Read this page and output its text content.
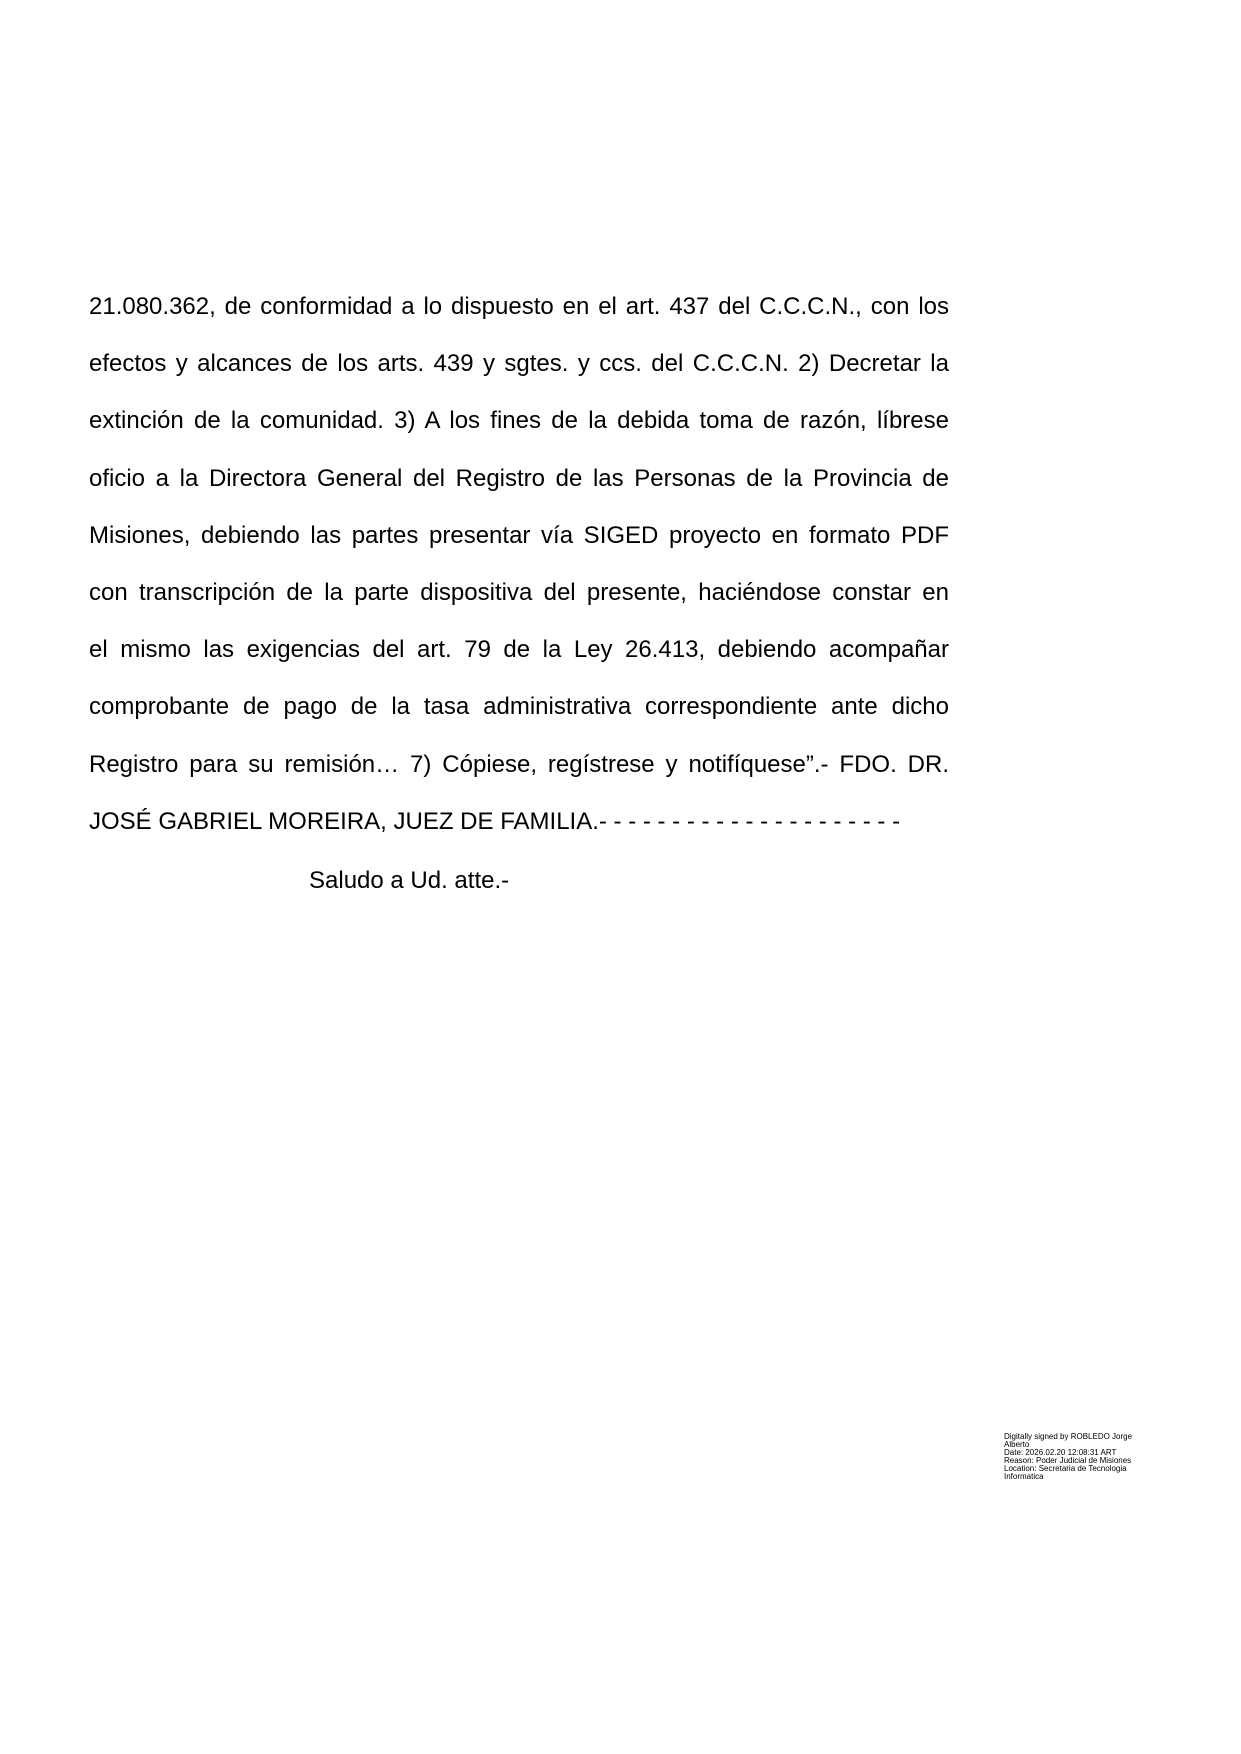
21.080.362, de conformidad a lo dispuesto en el art. 437 del C.C.C.N., con los
efectos y alcances de los arts. 439 y sgtes. y ccs. del C.C.C.N. 2) Decretar la
extinción de la comunidad. 3) A los fines de la debida toma de razón, líbrese
oficio a la Directora General del Registro de las Personas de la Provincia de
Misiones, debiendo las partes presentar vía SIGED proyecto en formato PDF
con transcripción de la parte dispositiva del presente, haciéndose constar en
el mismo las exigencias del art. 79 de la Ley 26.413, debiendo acompañar
comprobante de pago de la tasa administrativa correspondiente ante dicho
Registro para su remisión… 7) Cópiese, regístrese y notifíquese”.- FDO. DR.
JOSÉ GABRIEL MOREIRA, JUEZ DE FAMILIA.- - - - - - - - - - - - - - - - - - - - -
Saludo a Ud. atte.-
Digitally signed by ROBLEDO Jorge
Alberto
Date: 2026.02.20 12:08:31 ART
Reason: Poder Judicial de Misiones
Location: Secretaria de Tecnologia
Informatica
